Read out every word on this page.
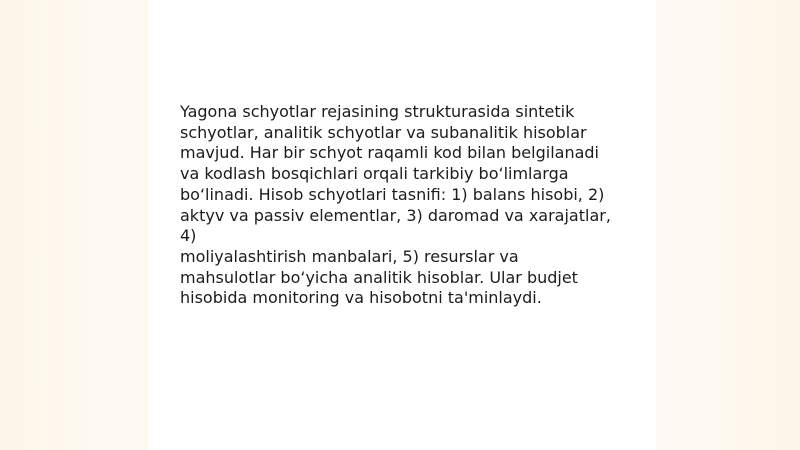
Yagona schyotlar rejasining strukturasida sintetik
schyotlar, analitik schyotlar va subanalitik hisoblar
mavjud. Har bir schyot raqamli kod bilan belgilanadi
va kodlash bosqichlari orqali tarkibiy bo‘limlarga
bo‘linadi. Hisob schyotlari tasnifi: 1) balans hisobi, 2)
aktyv va passiv elementlar, 3) daromad va xarajatlar, 4)
moliyalashtirish manbalari, 5) resurslar va
mahsulotlar bo‘yicha analitik hisoblar. Ular budjet
hisobida monitoring va hisobotni ta'minlaydi.
